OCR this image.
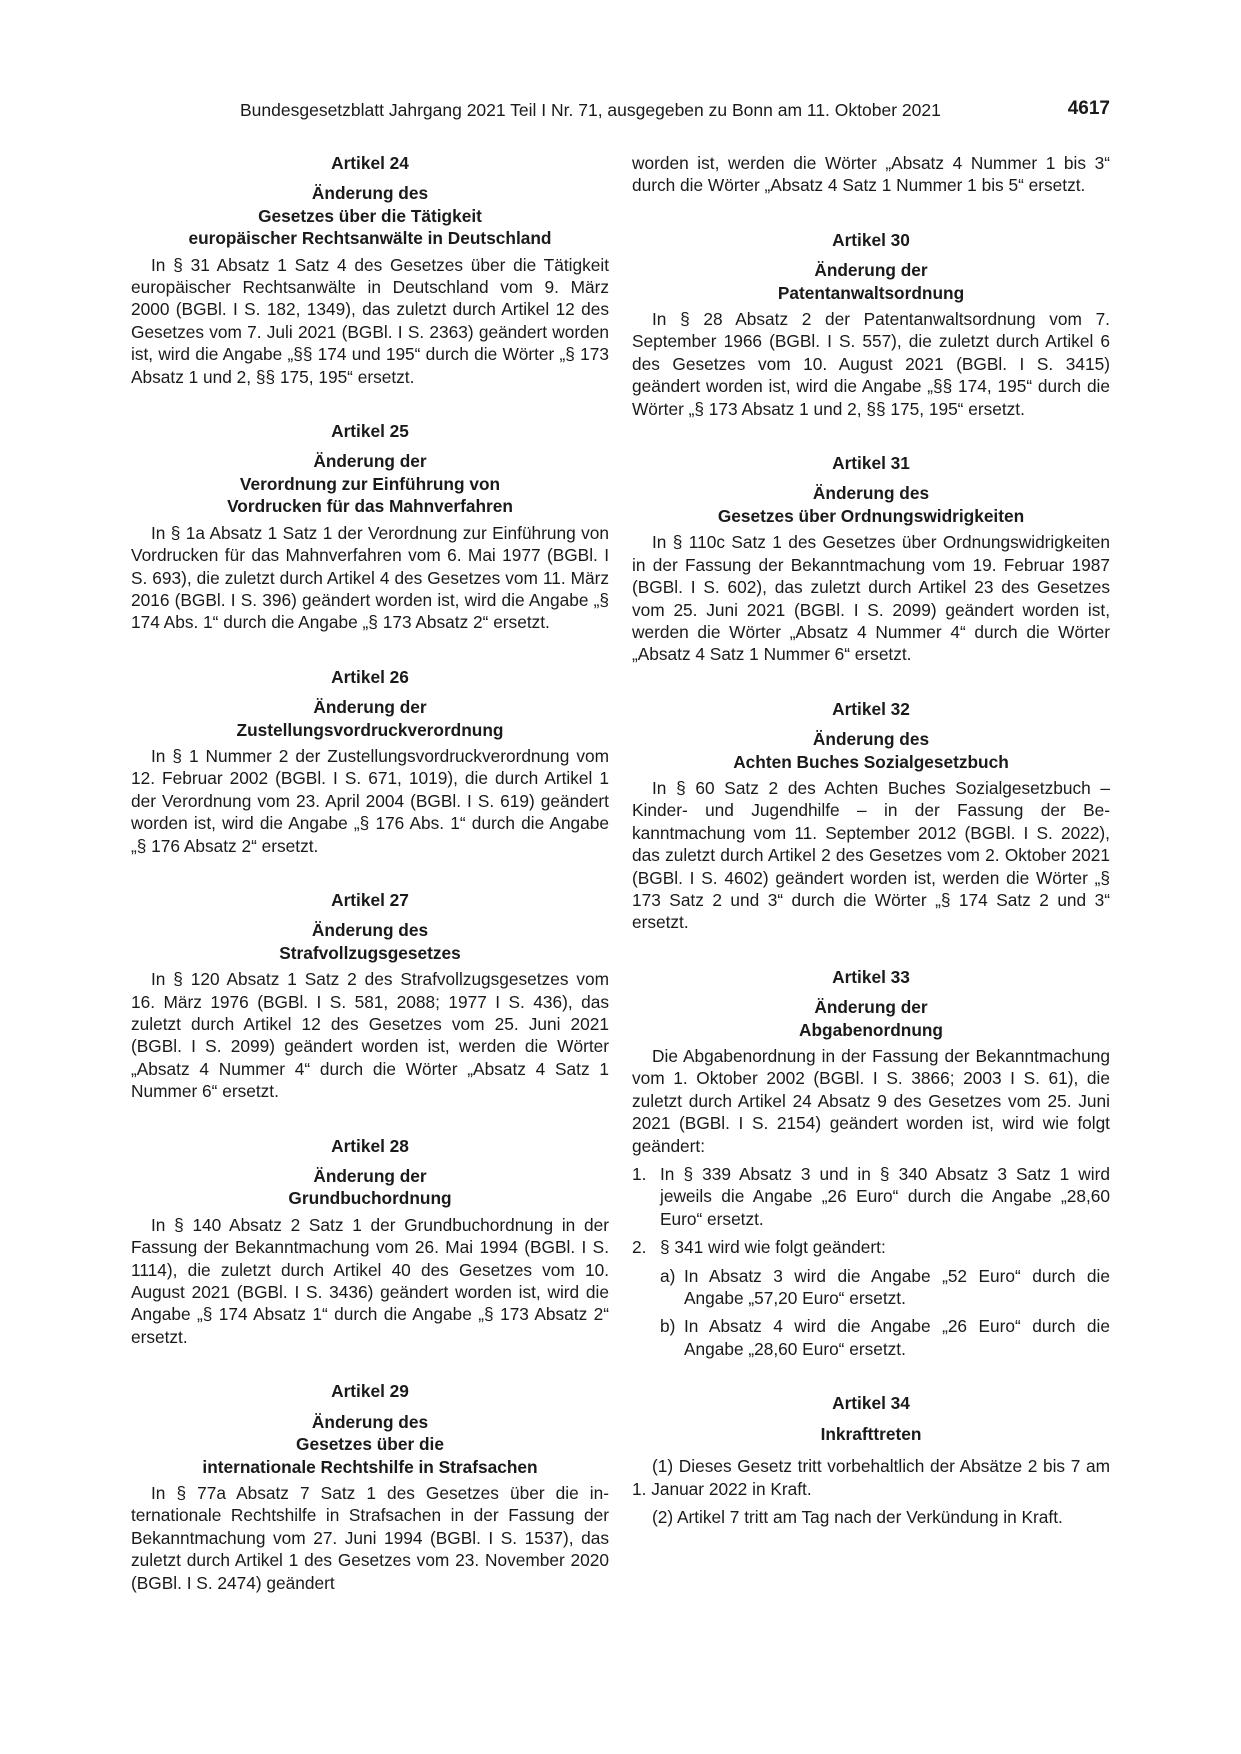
Bundesgesetzblatt Jahrgang 2021 Teil I Nr. 71, ausgegeben zu Bonn am 11. Oktober 2021	4617
Artikel 24
Änderung des
Gesetzes über die Tätigkeit
europäischer Rechtsanwälte in Deutschland

In § 31 Absatz 1 Satz 4 des Gesetzes über die Tätigkeit europäischer Rechtsanwälte in Deutschland vom 9. März 2000 (BGBl. I S. 182, 1349), das zuletzt durch Artikel 12 des Gesetzes vom 7. Juli 2021 (BGBl. I S. 2363) geändert worden ist, wird die Angabe „§§ 174 und 195“ durch die Wörter „§ 173 Absatz 1 und 2, §§ 175, 195“ ersetzt.

Artikel 25
Änderung der
Verordnung zur Einführung von
Vordrucken für das Mahnverfahren

In § 1a Absatz 1 Satz 1 der Verordnung zur Einführung von Vordrucken für das Mahnverfahren vom 6. Mai 1977 (BGBl. I S. 693), die zuletzt durch Artikel 4 des Gesetzes vom 11. März 2016 (BGBl. I S. 396) geändert worden ist, wird die Angabe „§ 174 Abs. 1“ durch die Angabe „§ 173 Absatz 2“ ersetzt.

Artikel 26
Änderung der
Zustellungsvordruckverordnung

In § 1 Nummer 2 der Zustellungsvordruckverordnung vom 12. Februar 2002 (BGBl. I S. 671, 1019), die durch Artikel 1 der Verordnung vom 23. April 2004 (BGBl. I S. 619) geändert worden ist, wird die Angabe „§ 176 Abs. 1“ durch die Angabe „§ 176 Absatz 2“ ersetzt.

Artikel 27
Änderung des
Strafvollzugsgesetzes

In § 120 Absatz 1 Satz 2 des Strafvollzugsgesetzes vom 16. März 1976 (BGBl. I S. 581, 2088; 1977 I S. 436), das zuletzt durch Artikel 12 des Gesetzes vom 25. Juni 2021 (BGBl. I S. 2099) geändert worden ist, werden die Wörter „Absatz 4 Nummer 4“ durch die Wörter „Absatz 4 Satz 1 Nummer 6“ ersetzt.

Artikel 28
Änderung der
Grundbuchordnung

In § 140 Absatz 2 Satz 1 der Grundbuchordnung in der Fassung der Bekanntmachung vom 26. Mai 1994 (BGBl. I S. 1114), die zuletzt durch Artikel 40 des Gesetzes vom 10. August 2021 (BGBl. I S. 3436) geändert worden ist, wird die Angabe „§ 174 Absatz 1“ durch die Angabe „§ 173 Absatz 2“ ersetzt.

Artikel 29
Änderung des
Gesetzes über die
internationale Rechtshilfe in Strafsachen

In § 77a Absatz 7 Satz 1 des Gesetzes über die internationale Rechtshilfe in Strafsachen in der Fassung der Bekanntmachung vom 27. Juni 1994 (BGBl. I S. 1537), das zuletzt durch Artikel 1 des Gesetzes vom 23. November 2020 (BGBl. I S. 2474) geändert

worden ist, werden die Wörter „Absatz 4 Nummer 1 bis 3“ durch die Wörter „Absatz 4 Satz 1 Nummer 1 bis 5“ ersetzt.

Artikel 30
Änderung der
Patentanwaltsordnung

In § 28 Absatz 2 der Patentanwaltsordnung vom 7. September 1966 (BGBl. I S. 557), die zuletzt durch Artikel 6 des Gesetzes vom 10. August 2021 (BGBl. I S. 3415) geändert worden ist, wird die Angabe „§§ 174, 195“ durch die Wörter „§ 173 Absatz 1 und 2, §§ 175, 195“ ersetzt.

Artikel 31
Änderung des
Gesetzes über Ordnungswidrigkeiten

In § 110c Satz 1 des Gesetzes über Ordnungswidrigkeiten in der Fassung der Bekanntmachung vom 19. Februar 1987 (BGBl. I S. 602), das zuletzt durch Artikel 23 des Gesetzes vom 25. Juni 2021 (BGBl. I S. 2099) geändert worden ist, werden die Wörter „Absatz 4 Nummer 4“ durch die Wörter „Absatz 4 Satz 1 Nummer 6“ ersetzt.

Artikel 32
Änderung des
Achten Buches Sozialgesetzbuch

In § 60 Satz 2 des Achten Buches Sozialgesetzbuch – Kinder- und Jugendhilfe – in der Fassung der Bekanntmachung vom 11. September 2012 (BGBl. I S. 2022), das zuletzt durch Artikel 2 des Gesetzes vom 2. Oktober 2021 (BGBl. I S. 4602) geändert worden ist, werden die Wörter „§ 173 Satz 2 und 3“ durch die Wörter „§ 174 Satz 2 und 3“ ersetzt.

Artikel 33
Änderung der
Abgabenordnung

Die Abgabenordnung in der Fassung der Bekanntmachung vom 1. Oktober 2002 (BGBl. I S. 3866; 2003 I S. 61), die zuletzt durch Artikel 24 Absatz 9 des Gesetzes vom 25. Juni 2021 (BGBl. I S. 2154) geändert worden ist, wird wie folgt geändert:

1. In § 339 Absatz 3 und in § 340 Absatz 3 Satz 1 wird jeweils die Angabe „26 Euro“ durch die Angabe „28,60 Euro“ ersetzt.
2. § 341 wird wie folgt geändert:
a) In Absatz 3 wird die Angabe „52 Euro“ durch die Angabe „57,20 Euro“ ersetzt.
b) In Absatz 4 wird die Angabe „26 Euro“ durch die Angabe „28,60 Euro“ ersetzt.
Artikel 34
Inkrafttreten

(1) Dieses Gesetz tritt vorbehaltlich der Absätze 2 bis 7 am 1. Januar 2022 in Kraft.

(2) Artikel 7 tritt am Tag nach der Verkündung in Kraft.
